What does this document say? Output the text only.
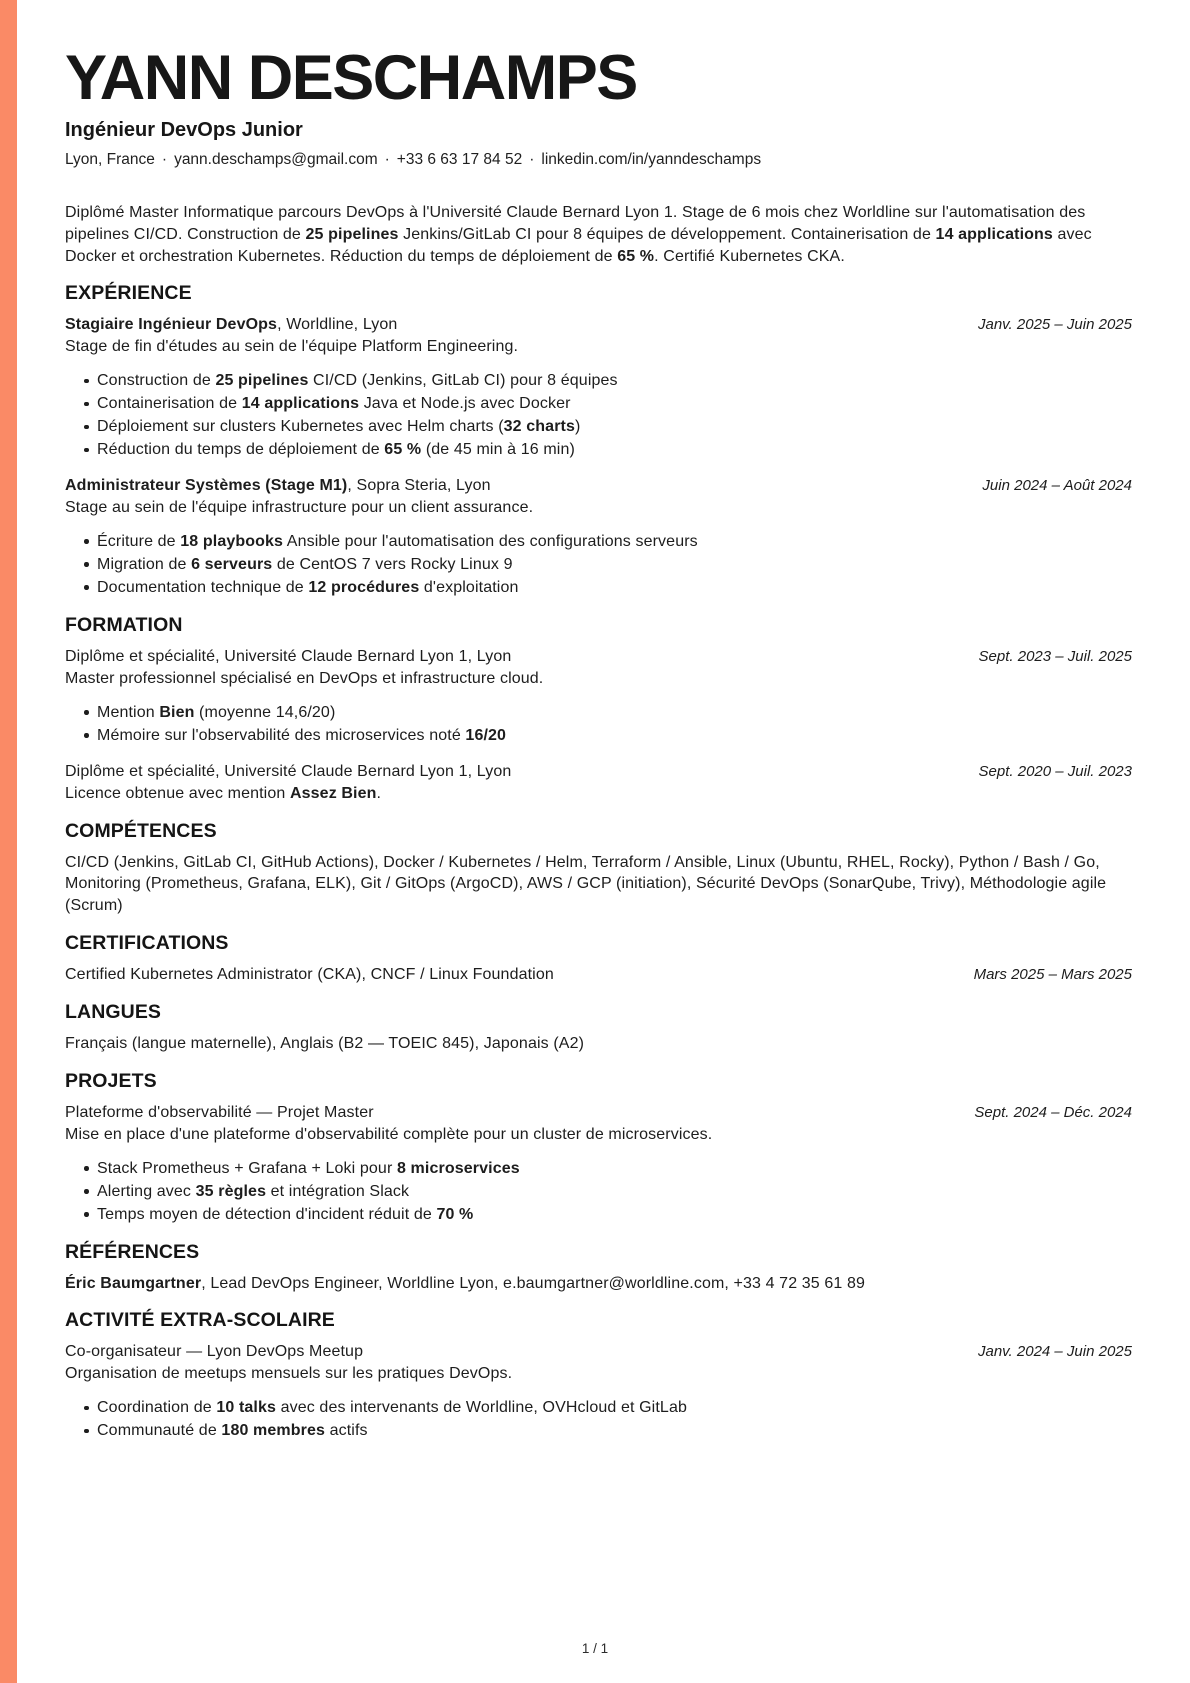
YANN DESCHAMPS
Ingénieur DevOps Junior
Lyon, France · yann.deschamps@gmail.com · +33 6 63 17 84 52 · linkedin.com/in/yanndeschamps

Diplômé Master Informatique parcours DevOps à l'Université Claude Bernard Lyon 1. Stage de 6 mois chez Worldline sur l'automatisation des pipelines CI/CD. Construction de 25 pipelines Jenkins/GitLab CI pour 8 équipes de développement. Containerisation de 14 applications avec Docker et orchestration Kubernetes. Réduction du temps de déploiement de 65 %. Certifié Kubernetes CKA.

EXPÉRIENCE
Stagiaire Ingénieur DevOps, Worldline, Lyon	Janv. 2025 – Juin 2025

Stage de fin d'études au sein de l'équipe Platform Engineering.

Construction de 25 pipelines CI/CD (Jenkins, GitLab CI) pour 8 équipes
Containerisation de 14 applications Java et Node.js avec Docker
Déploiement sur clusters Kubernetes avec Helm charts (32 charts)
Réduction du temps de déploiement de 65 % (de 45 min à 16 min)
Administrateur Systèmes (Stage M1), Sopra Steria, Lyon	Juin 2024 – Août 2024

Stage au sein de l'équipe infrastructure pour un client assurance.

Écriture de 18 playbooks Ansible pour l'automatisation des configurations serveurs
Migration de 6 serveurs de CentOS 7 vers Rocky Linux 9
Documentation technique de 12 procédures d'exploitation
FORMATION
Diplôme et spécialité, Université Claude Bernard Lyon 1, Lyon	Sept. 2023 – Juil. 2025

Master professionnel spécialisé en DevOps et infrastructure cloud.

Mention Bien (moyenne 14,6/20)
Mémoire sur l'observabilité des microservices noté 16/20
Diplôme et spécialité, Université Claude Bernard Lyon 1, Lyon	Sept. 2020 – Juil. 2023

Licence obtenue avec mention Assez Bien.

COMPÉTENCES

CI/CD (Jenkins, GitLab CI, GitHub Actions), Docker / Kubernetes / Helm, Terraform / Ansible, Linux (Ubuntu, RHEL, Rocky), Python / Bash / Go, Monitoring (Prometheus, Grafana, ELK), Git / GitOps (ArgoCD), AWS / GCP (initiation), Sécurité DevOps (SonarQube, Trivy), Méthodologie agile (Scrum)

CERTIFICATIONS
Certified Kubernetes Administrator (CKA), CNCF / Linux Foundation	Mars 2025 – Mars 2025
LANGUES

Français (langue maternelle), Anglais (B2 — TOEIC 845), Japonais (A2)

PROJETS
Plateforme d'observabilité — Projet Master	Sept. 2024 – Déc. 2024

Mise en place d'une plateforme d'observabilité complète pour un cluster de microservices.

Stack Prometheus + Grafana + Loki pour 8 microservices
Alerting avec 35 règles et intégration Slack
Temps moyen de détection d'incident réduit de 70 %
RÉFÉRENCES

Éric Baumgartner, Lead DevOps Engineer, Worldline Lyon, e.baumgartner@worldline.com, +33 4 72 35 61 89

ACTIVITÉ EXTRA-SCOLAIRE
Co-organisateur — Lyon DevOps Meetup	Janv. 2024 – Juin 2025

Organisation de meetups mensuels sur les pratiques DevOps.

Coordination de 10 talks avec des intervenants de Worldline, OVHcloud et GitLab
Communauté de 180 membres actifs
1 / 1
